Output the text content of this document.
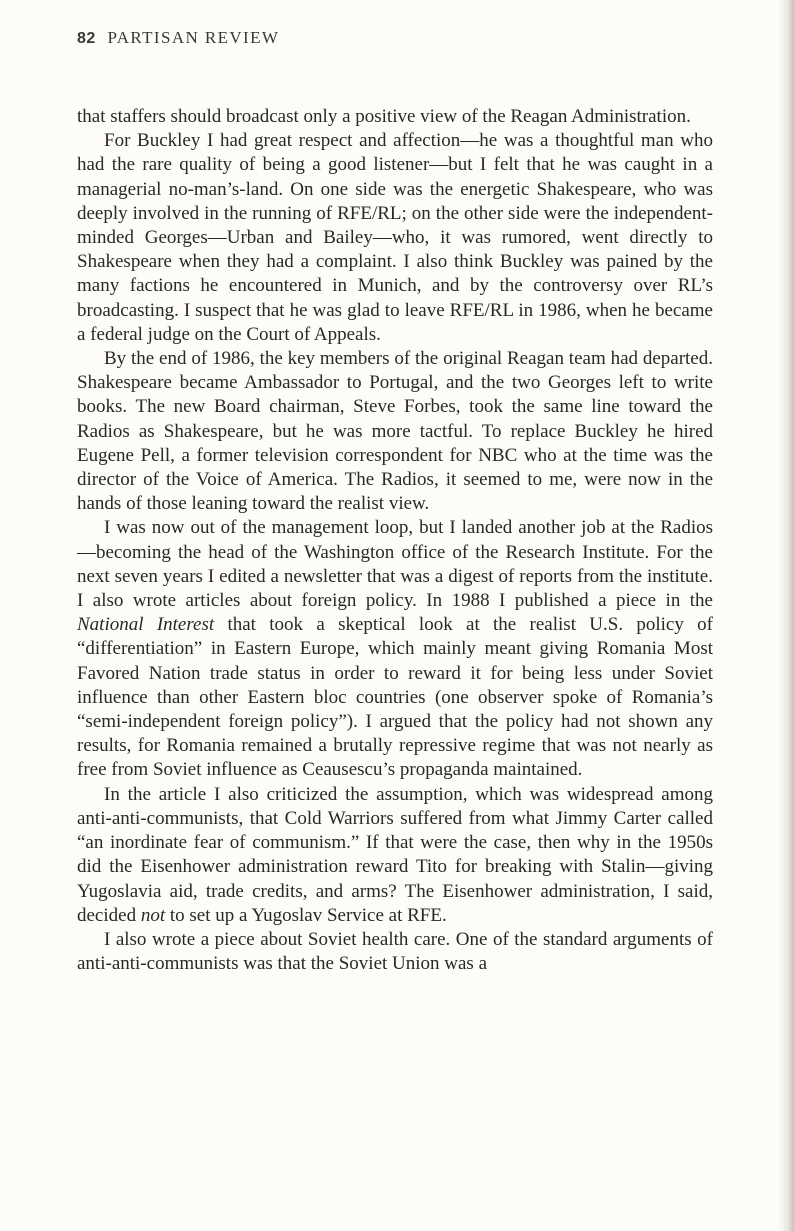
82 PARTISAN REVIEW

that staffers should broadcast only a positive view of the Reagan Administration.

For Buckley I had great respect and affection—he was a thoughtful man who had the rare quality of being a good listener—but I felt that he was caught in a managerial no-man’s-land. On one side was the energetic Shakespeare, who was deeply involved in the running of RFE/RL; on the other side were the independent-minded Georges—Urban and Bailey—who, it was rumored, went directly to Shakespeare when they had a complaint. I also think Buckley was pained by the many factions he encountered in Munich, and by the controversy over RL’s broadcasting. I suspect that he was glad to leave RFE/RL in 1986, when he became a federal judge on the Court of Appeals.

By the end of 1986, the key members of the original Reagan team had departed. Shakespeare became Ambassador to Portugal, and the two Georges left to write books. The new Board chairman, Steve Forbes, took the same line toward the Radios as Shakespeare, but he was more tactful. To replace Buckley he hired Eugene Pell, a former television correspondent for NBC who at the time was the director of the Voice of America. The Radios, it seemed to me, were now in the hands of those leaning toward the realist view.

I was now out of the management loop, but I landed another job at the Radios—becoming the head of the Washington office of the Research Institute. For the next seven years I edited a newsletter that was a digest of reports from the institute. I also wrote articles about foreign policy. In 1988 I published a piece in the National Interest that took a skeptical look at the realist U.S. policy of “differentiation” in Eastern Europe, which mainly meant giving Romania Most Favored Nation trade status in order to reward it for being less under Soviet influence than other Eastern bloc countries (one observer spoke of Romania’s “semi-independent foreign policy”). I argued that the policy had not shown any results, for Romania remained a brutally repressive regime that was not nearly as free from Soviet influence as Ceausescu’s propaganda maintained.

In the article I also criticized the assumption, which was widespread among anti-anti-communists, that Cold Warriors suffered from what Jimmy Carter called “an inordinate fear of communism.” If that were the case, then why in the 1950s did the Eisenhower administration reward Tito for breaking with Stalin—giving Yugoslavia aid, trade credits, and arms? The Eisenhower administration, I said, decided not to set up a Yugoslav Service at RFE.

I also wrote a piece about Soviet health care. One of the standard arguments of anti-anti-communists was that the Soviet Union was a
